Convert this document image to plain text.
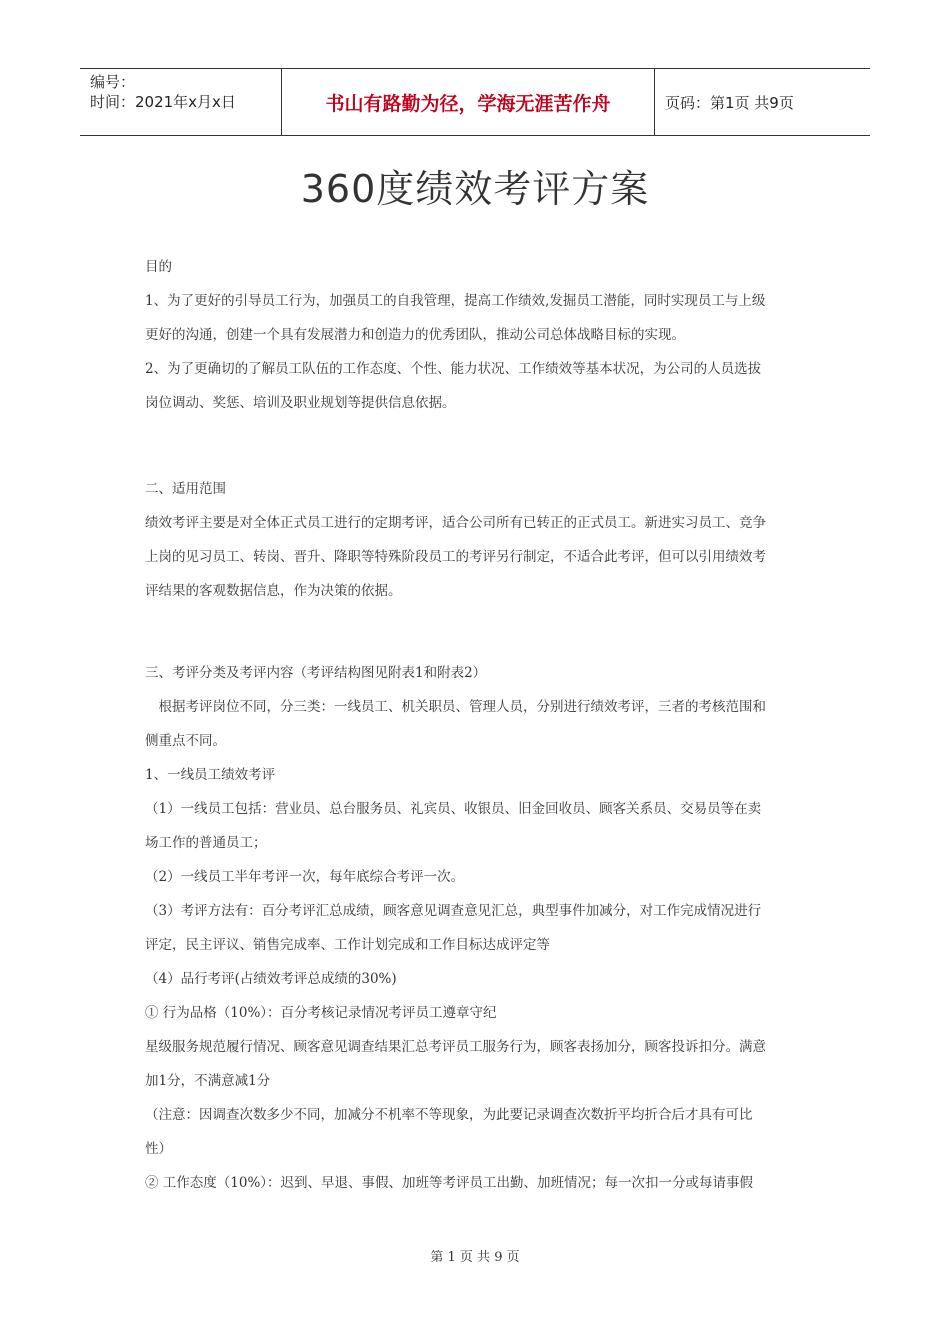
编号：
时间：2021年x月x日	书山有路勤为径，学海无涯苦作舟	页码：第1页 共9页
360度绩效考评方案

目的

1、为了更好的引导员工行为，加强员工的自我管理，提高工作绩效,发掘员工潜能，同时实现员工与上级

更好的沟通，创建一个具有发展潜力和创造力的优秀团队，推动公司总体战略目标的实现。

2、为了更确切的了解员工队伍的工作态度、个性、能力状况、工作绩效等基本状况，为公司的人员选拔

岗位调动、奖惩、培训及职业规划等提供信息依据。

二、适用范围

绩效考评主要是对全体正式员工进行的定期考评，适合公司所有已转正的正式员工。新进实习员工、竞争

上岗的见习员工、转岗、晋升、降职等特殊阶段员工的考评另行制定，不适合此考评，但可以引用绩效考

评结果的客观数据信息，作为决策的依据。

三、考评分类及考评内容（考评结构图见附表1和附表2）

　根据考评岗位不同，分三类：一线员工、机关职员、管理人员，分别进行绩效考评，三者的考核范围和

侧重点不同。

1、一线员工绩效考评

（1）一线员工包括：营业员、总台服务员、礼宾员、收银员、旧金回收员、顾客关系员、交易员等在卖

场工作的普通员工；

（2）一线员工半年考评一次，每年底综合考评一次。

（3）考评方法有：百分考评汇总成绩，顾客意见调查意见汇总，典型事件加减分，对工作完成情况进行

评定，民主评议、销售完成率、工作计划完成和工作目标达成评定等

（4）品行考评(占绩效考评总成绩的30%)

① 行为品格（10%）：百分考核记录情况考评员工遵章守纪

星级服务规范履行情况、顾客意见调查结果汇总考评员工服务行为，顾客表扬加分，顾客投诉扣分。满意

加1分，不满意减1分

（注意：因调查次数多少不同，加减分不机率不等现象，为此要记录调查次数折平均折合后才具有可比

性）

② 工作态度（10%）：迟到、早退、事假、加班等考评员工出勤、加班情况；每一次扣一分或每请事假

第 1 页 共 9 页
